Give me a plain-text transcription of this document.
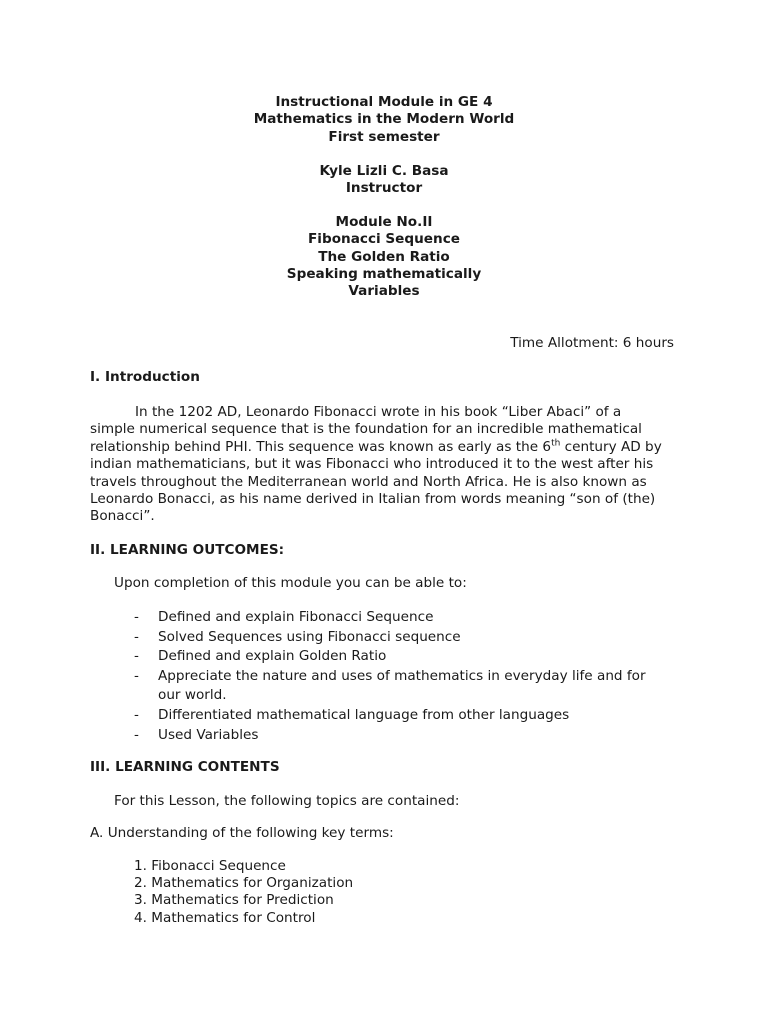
Instructional Module in GE 4
Mathematics in the Modern World
First semester
Kyle Lizli C. Basa
Instructor
Module No.II
Fibonacci Sequence
The Golden Ratio
Speaking mathematically
Variables
Time Allotment: 6 hours
I. Introduction
In the 1202 AD, Leonardo Fibonacci wrote in his book “Liber Abaci” of a
simple numerical sequence that is the foundation for an incredible mathematical
relationship behind PHI. This sequence was known as early as the 6th century AD by
indian mathematicians, but it was Fibonacci who introduced it to the west after his
travels throughout the Mediterranean world and North Africa. He is also known as
Leonardo Bonacci, as his name derived in Italian from words meaning “son of (the)
Bonacci”.
II. LEARNING OUTCOMES:
Upon completion of this module you can be able to:
- Defined and explain Fibonacci Sequence
- Solved Sequences using Fibonacci sequence
- Defined and explain Golden Ratio
- Appreciate the nature and uses of mathematics in everyday life and for
our world.
- Differentiated mathematical language from other languages
- Used Variables
III. LEARNING CONTENTS
For this Lesson, the following topics are contained:
A. Understanding of the following key terms:
1. Fibonacci Sequence
2. Mathematics for Organization
3. Mathematics for Prediction
4. Mathematics for Control
